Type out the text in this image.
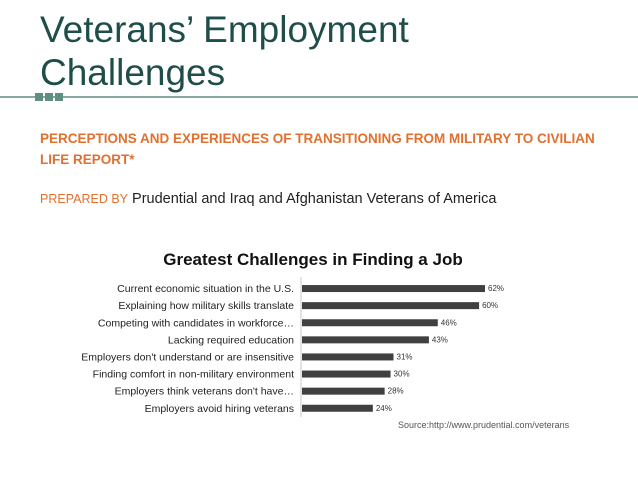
Veterans’ Employment Challenges

PERCEPTIONS AND EXPERIENCES OF TRANSITIONING FROM MILITARY TO CIVILIAN LIFE REPORT*

PREPARED BY Prudential and Iraq and Afghanistan Veterans of America
Greatest Challenges in Finding a Job
Current economic situation in the U.S.	62%
Explaining how military skills translate	60%
Competing with candidates in workforce…	46%
Lacking required education	43%
Employers don't understand or are insensitive	31%
Finding comfort in non-military environment	30%
Employers think veterans don't have…	28%
Employers avoid hiring veterans	24%
Source:http://www.prudential.com/veterans
